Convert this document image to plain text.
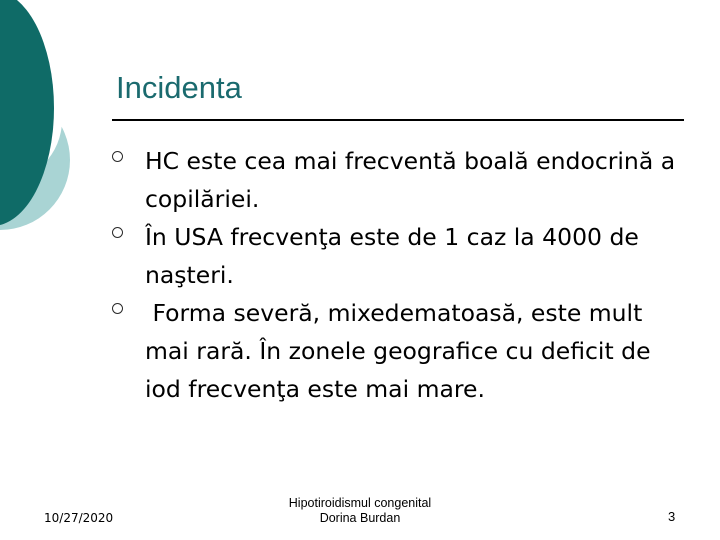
Incidenta
HC este cea mai frecventă boală endocrină a copilăriei.
În USA frecvenţa este de 1 caz la 4000 de naşteri.
Forma severă, mixedematoasă, este mult mai rară. În zonele geografice cu deficit de iod frecvenţa este mai mare.
10/27/2020
Hipotiroidismul congenital
Dorina Burdan	3
